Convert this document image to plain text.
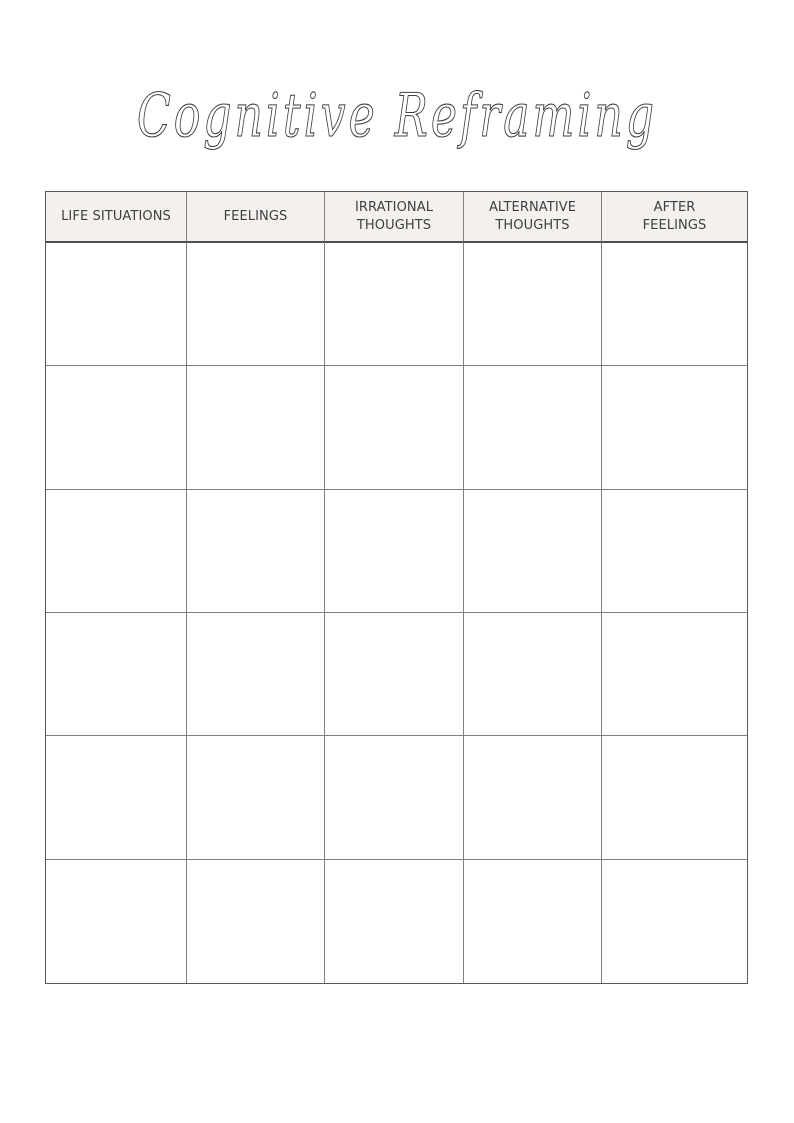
Cognitive Reframing
LIFE SITUATIONS	FEELINGS
IRRATIONAL
THOUGHTS
ALTERNATIVE
THOUGHTS
AFTER
FEELINGS
